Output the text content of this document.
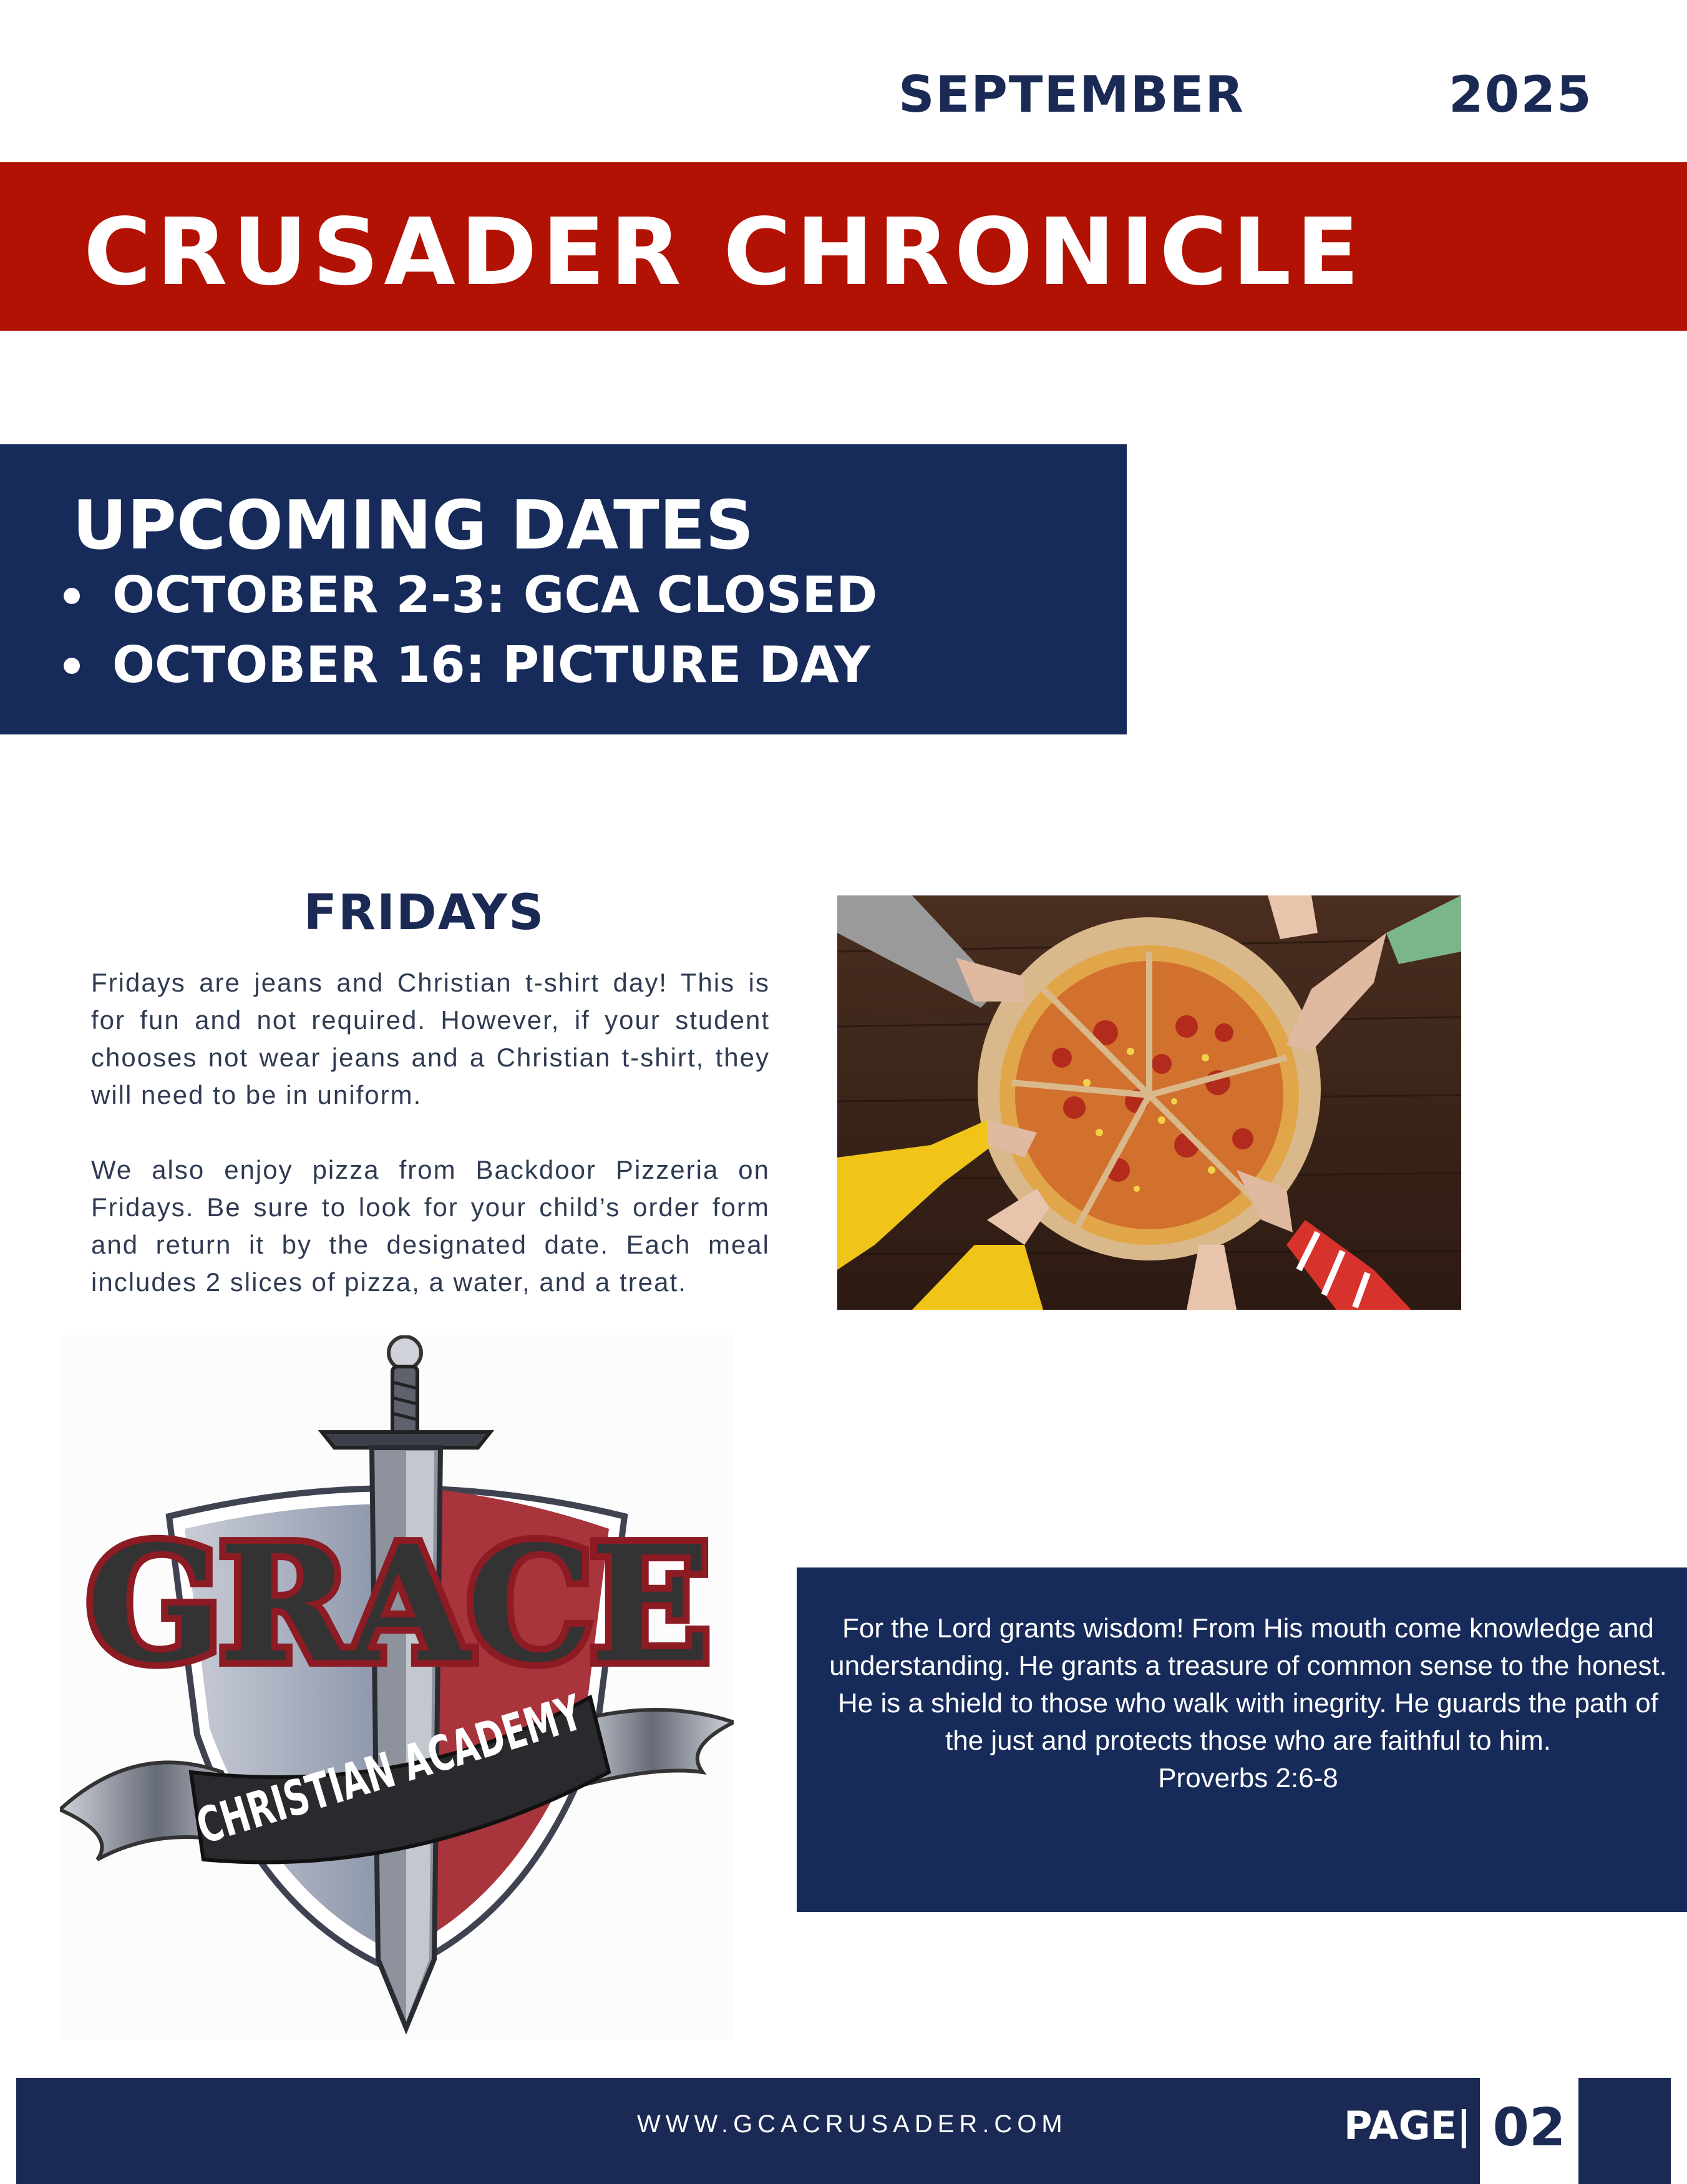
SEPTEMBER	2025
CRUSADER CHRONICLE
UPCOMING DATES
OCTOBER 2-3: GCA CLOSED
OCTOBER 16: PICTURE DAY
FRIDAYS

Fridays are jeans and Christian t-shirt day! This is for fun and not required. However, if your student chooses not wear jeans and a Christian t-shirt, they will need to be in uniform.

We also enjoy pizza from Backdoor Pizzeria on Fridays. Be sure to look for your child’s order form and return it by the designated date. Each meal includes 2 slices of pizza, a water, and a treat.

GRACE
CHRISTIAN ACADEMY
For the Lord grants wisdom! From His mouth come knowledge and understanding. He grants a treasure of common sense to the honest. He is a shield to those who walk with inegrity. He guards the path of the just and protects those who are faithful to him.
Proverbs 2:6-8
WWW.GCACRUSADER.COM	PAGE| 02
